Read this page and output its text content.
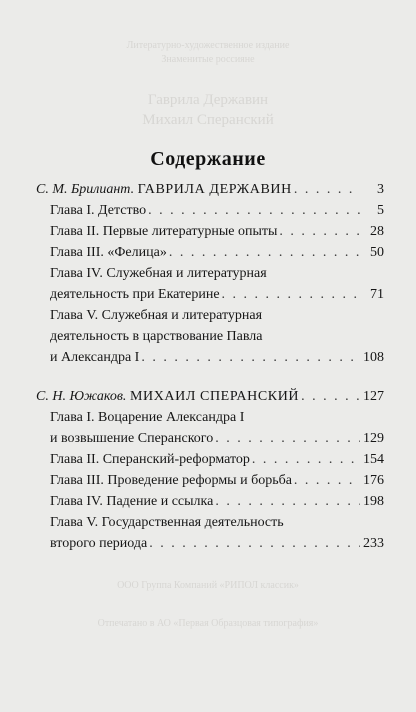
Литературно-художественное издание
Знаменитые россияне
Гаврила Державин
Михаил Сперанский
ООО Группа Компаний «РИПОЛ классик»
Отпечатано в АО «Первая Образцовая типография»
Содержание
С. М. Брилиант. ГАВРИЛА ДЕРЖАВИН . . .	3
Глава I. Детство . . .	5
Глава II. Первые литературные опыты . . .	28
Глава III. «Фелица» . . .	50
Глава IV. Служебная и литературная
деятельность при Екатерине . . .	71
Глава V. Служебная и литературная
деятельность в царствование Павла
и Александра I . . .	108
С. Н. Южаков. МИХАИЛ СПЕРАНСКИЙ . . .	127
Глава I. Воцарение Александра I
и возвышение Сперанского . . .	129
Глава II. Сперанский-реформатор . . .	154
Глава III. Проведение реформы и борьба . . .	176
Глава IV. Падение и ссылка . . .	198
Глава V. Государственная деятельность
второго периода . . .	233
